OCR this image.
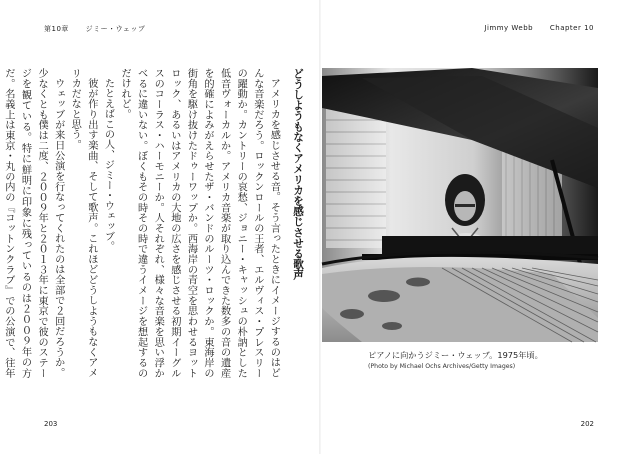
第10章 ジミー・ウェッブ
どうしようもなくアメリカを感じさせる歌声

アメリカを感じさせる音。そう言ったときにイメージするのはどんな音楽だろう。ロックンロールの王者、エルヴィス・プレスリーの躍動か。カントリーの哀愁、ジョニー・キャッシュの朴訥とした低音ヴォーカルか。アメリカ音楽が取り込んできた数多の音の遺産を的確によみがえらせたザ・バンドのルーツ・ロックか。東海岸の街角を駆け抜けたドゥーワップか。西海岸の青空を思わせるヨットロック、あるいはアメリカの大地の広さを感じさせる初期イーグルスのコーラス・ハーモニーか。人それぞれ、様々な音楽を思い浮かべるに違いない。ぼくもその時その時で違うイメージを想起するのだけれど。

たとえばこの人、ジミー・ウェッブ。

彼が作り出す楽曲、そして歌声。これほどどうしようもなくアメリカだなと思う。

ウェッブが来日公演を行なってくれたのは全部で２回だろうか。少なくとも僕は二度、２００９年と２０１３年に東京で彼のステージを観ている。特に鮮明に印象に残っているのは２００９年の方だ。名義上は東京・丸の内の『コットンクラブ』での公演で、往年

203
Jimmy Webb Chapter 10
ピアノに向かうジミー・ウェッブ。1975年頃。
(Photo by Michael Ochs Archives/Getty Images)
202
